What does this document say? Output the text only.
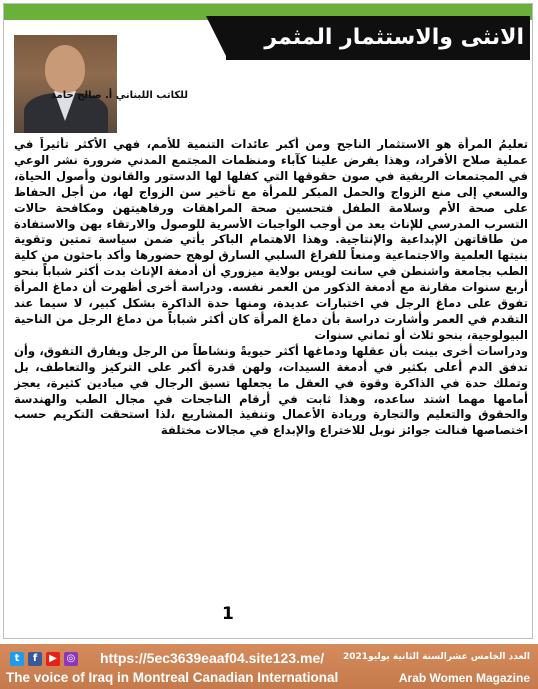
الانثى والاستثمار المثمر
للكاتب اللبناني أ. صالح حامد

تعليمُ المرأة هو الاستثمار الناجح ومن أكبر عائدات التنمية للأمم، فهي الأكثر تأثيراً في عملية صلاح الأفراد، وهذا يفرض علينا كآباء ومنظمات المجتمع المدني ضرورة نشر الوعي في المجتمعات الريفية في صون حقوقها التي كفلها لها الدستور والقانون وأصول الحياة، والسعي إلى منع الزواج والحمل المبكر للمرأة مع تأخير سن الزواج لها، من أجل الحفاظ على صحة الأم وسلامة الطفل فتحسين صحة المراهقات ورفاهيتهن ومكافحة حالات التسرب المدرسي للإناث يعد من أوجب الواجبات الأسرية للوصول والارتقاء بهن والاستفادة من طاقاتهن الإبداعية والإنتاجية. وهذا الاهتمام الباكر يأتي ضمن سياسة تمتين وتقوية بنيتها العلمية والاجتماعية ومنعاً للفراغ السلبي السارق لوهج حضورها وأكد باحثون من كلية الطب بجامعة واشنطن في سانت لويس بولاية ميزوري أن أدمغة الإناث بدت أكثر شباباً بنحو أربع سنوات مقارنة مع أدمغة الذكور من العمر نفسه. ودراسة أخرى أظهرت أن دماغ المرأة تفوق على دماغ الرجل في اختبارات عديدة، ومنها حدة الذاكرة بشكل كبير، لا سيما عند التقدم في العمر وأشارت دراسة بأن دماغ المرأة كان أكثر شباباً من دماغ الرجل من الناحية البيولوجية، بنحو ثلاث أو ثماني سنوات

ودراسات أخرى بينت بأن عقلها ودماغها أكثر حيويةً ونشاطاً من الرجل ويفارق التفوق، وأن تدفق الدم أعلى بكثير في أدمغة السيدات، ولهن قدرة أكبر على التركيز والتعاطف، بل وتملك حدة في الذاكرة وقوة في العقل ما يجعلها تسبق الرجال في ميادين كثيرة، يعجز أمامها مهما اشتد ساعده، وهذا ثابت في أرقام الناجحات في مجال الطب والهندسة والحقوق والتعليم والتجارة وريادة الأعمال وتنفيذ المشاريع ،لذا استحقت التكريم حسب اختصاصها فنالت جوائز نوبل للاختراع والإبداع في مجالات مختلفة

1
t	f	▶ ◎ https://5ec3639eaaf04.site123.me/ العدد الخامس عشرالسنة الثانية يوليو2021
The voice of Iraq in Montreal Canadian International	Arab Women Magazine
